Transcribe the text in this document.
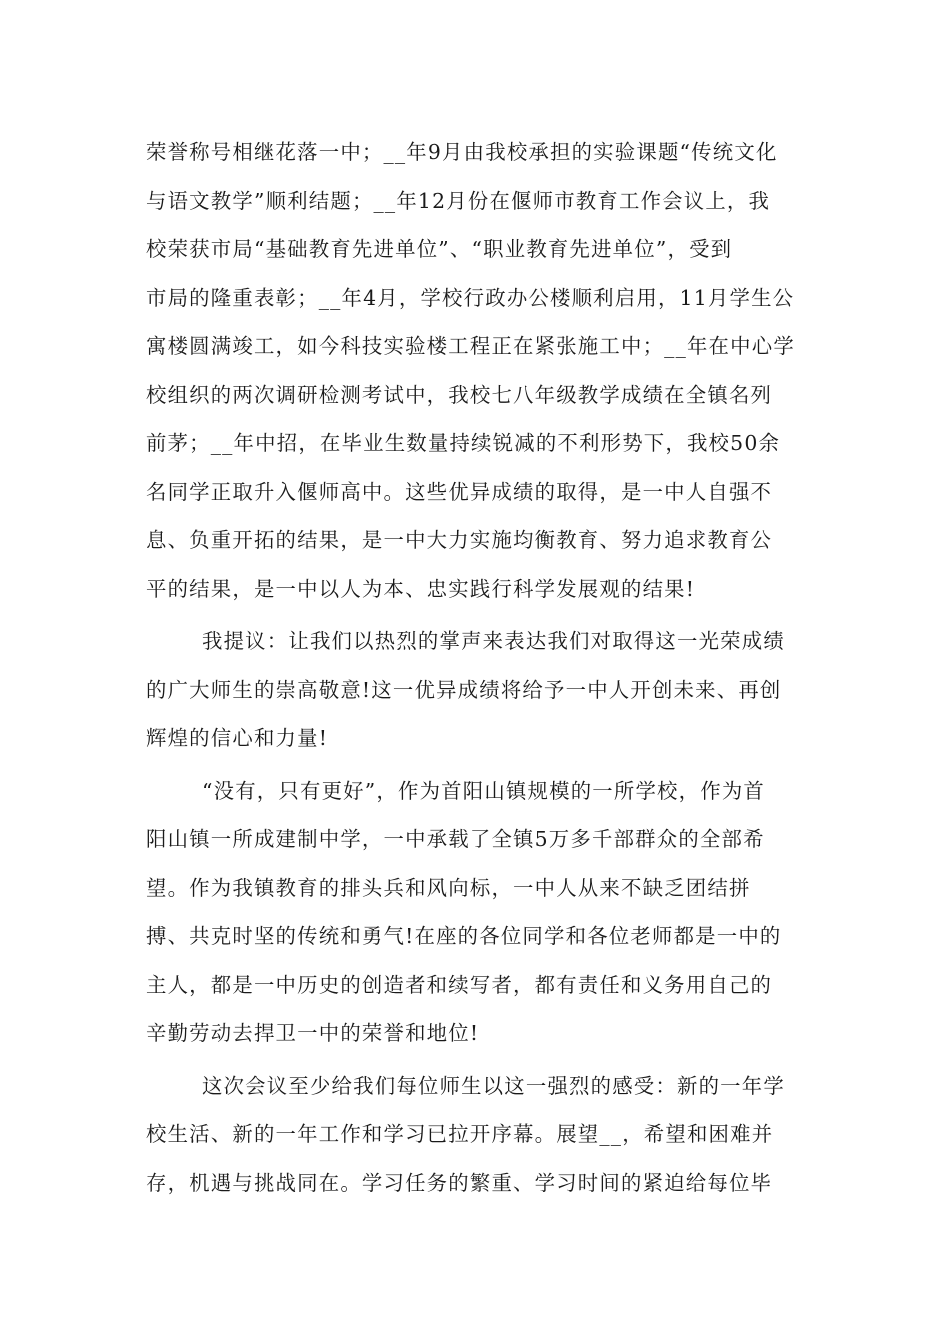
荣誉称号相继花落一中；__年9月由我校承担的实验课题“传统文化
与语文教学”顺利结题；__年12月份在偃师市教育工作会议上，我
校荣获市局“基础教育先进单位”、“职业教育先进单位”，受到
市局的隆重表彰；__年4月，学校行政办公楼顺利启用，11月学生公
寓楼圆满竣工，如今科技实验楼工程正在紧张施工中；__年在中心学
校组织的两次调研检测考试中，我校七八年级教学成绩在全镇名列
前茅；__年中招，在毕业生数量持续锐减的不利形势下，我校50余
名同学正取升入偃师高中。这些优异成绩的取得，是一中人自强不
息、负重开拓的结果，是一中大力实施均衡教育、努力追求教育公
平的结果，是一中以人为本、忠实践行科学发展观的结果!
我提议：让我们以热烈的掌声来表达我们对取得这一光荣成绩
的广大师生的崇高敬意!这一优异成绩将给予一中人开创未来、再创
辉煌的信心和力量!
“没有，只有更好”，作为首阳山镇规模的一所学校，作为首
阳山镇一所成建制中学，一中承载了全镇5万多千部群众的全部希
望。作为我镇教育的排头兵和风向标，一中人从来不缺乏团结拼
搏、共克时坚的传统和勇气!在座的各位同学和各位老师都是一中的
主人，都是一中历史的创造者和续写者，都有责任和义务用自己的
辛勤劳动去捍卫一中的荣誉和地位!
这次会议至少给我们每位师生以这一强烈的感受：新的一年学
校生活、新的一年工作和学习已拉开序幕。展望__，希望和困难并
存，机遇与挑战同在。学习任务的繁重、学习时间的紧迫给每位毕
